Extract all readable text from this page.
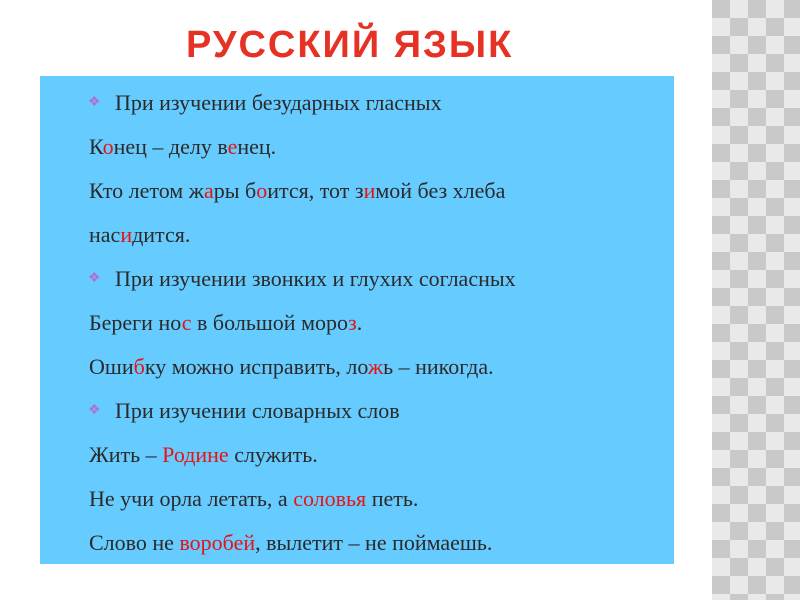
РУССКИЙ ЯЗЫК
❖ При изучении безударных гласных
Конец – делу венец.
Кто летом жары боится, тот зимой без хлеба
насидится.
❖ При изучении звонких и глухих согласных
Береги нос в большой мороз.
Ошибку можно исправить, ложь – никогда.
❖ При изучении словарных слов
Жить – Родине служить.
Не учи орла летать, а соловья петь.
Слово не воробей, вылетит – не поймаешь.
